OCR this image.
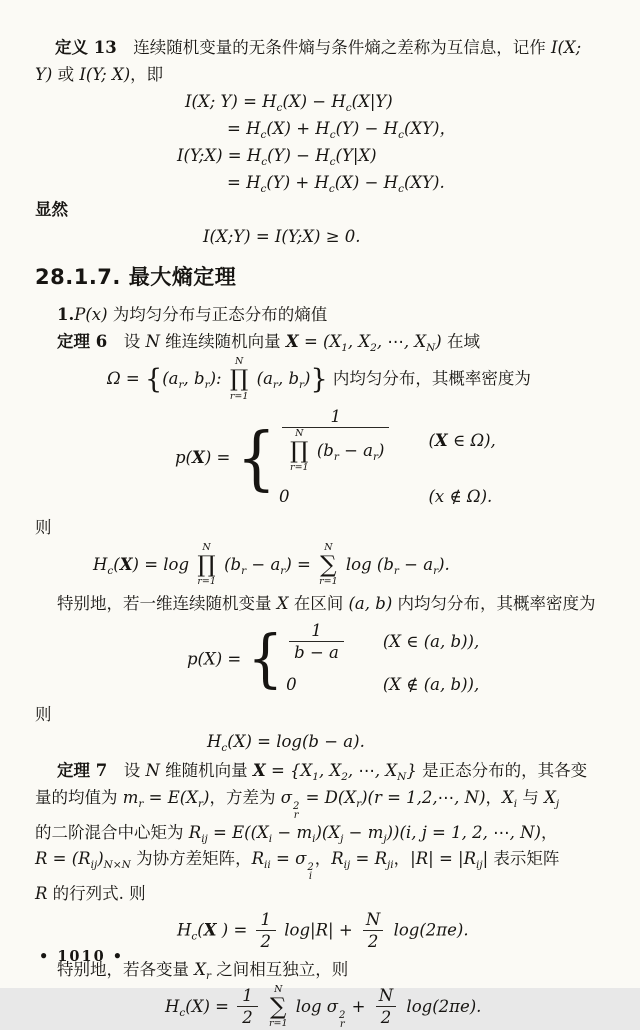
定义 13　连续随机变量的无条件熵与条件熵之差称为互信息，记作 I(X;
Y) 或 I(Y; X)，即
I(X; $Y) = H_c(X) - H_c(X|Y)$
= $H_c(X) + H_c(Y) - H_c(XY)$，
I(Y;X) = $H_c(Y) - H_c(Y|X)$
= $H_c(Y) + H_c(X) - H_c(XY)$.
显然
I(X;Y) = I(Y;X) ≥ 0.
28.1.7. 最大熵定理
1.P(x) 为均匀分布与正态分布的熵值
定理 6　设 N 维连续随机向量 $X = (X_1$, $X_2$, ⋯, $X_N$) 在域
$\Omega = \{(a_r$, $b_r$):
N
∏
r=1
($a_r$, $b_r$)} 内均匀分布，其概率密度为
p(X) = { 1
N
∏
r=1
$(b_r - a_r)$ (X ∈ Ω),
0	(x ∉ Ω).
则
$H_c(X) = \log$
N
∏
r=1
$(b_r - a_r)$ =
N
∑
r=1
$\log (b_r - a_r)$.
特别地，若一维连续随机变量 X 在区间 (a, b) 内均匀分布，其概率密度为
p(X) = { $\frac{1}{b - a} (X$ ∈ (a, b)),
0	(X ∉ (a, b)),
则
$H_c(X) = \log(b - a)$.
定理 7　设 N 维随机向量 $X = \{X_1$, $X_2$, ⋯, $X_N$} 是正态分布的，其各变
量的均值为 $m_r = E(X_r)$，方差为 σ 2
r
= $D(X_r)(r$ = 1,2,⋯, N)，$X_i$ 与 $X_j$
的二阶混合中心矩为 $R_{ij} = E((X_i - m_i)(X_j - m_j))(i$, j = 1, 2, ⋯, N)，
$R = (R_{ij})_{N\times N}$ 为协方差矩阵，$R_{ii} = \sigma$ 2
i
，$R_{ij} = R_{ji}$，$|R| = |R_{ij}|$ 表示矩阵
R 的行列式. 则
$H_c(X$ ) = $\frac{1}{2} \log|R| + \frac{N}{2} \log(2\pi e)$.
特别地，若各变量 $X_r$ 之间相互独立，则
$H_c(X) = \frac{1}{2}$
N
∑
r=1
log σ 2
r
+ $\frac{N}{2} \log(2\pi e)$.
• 1010 •
